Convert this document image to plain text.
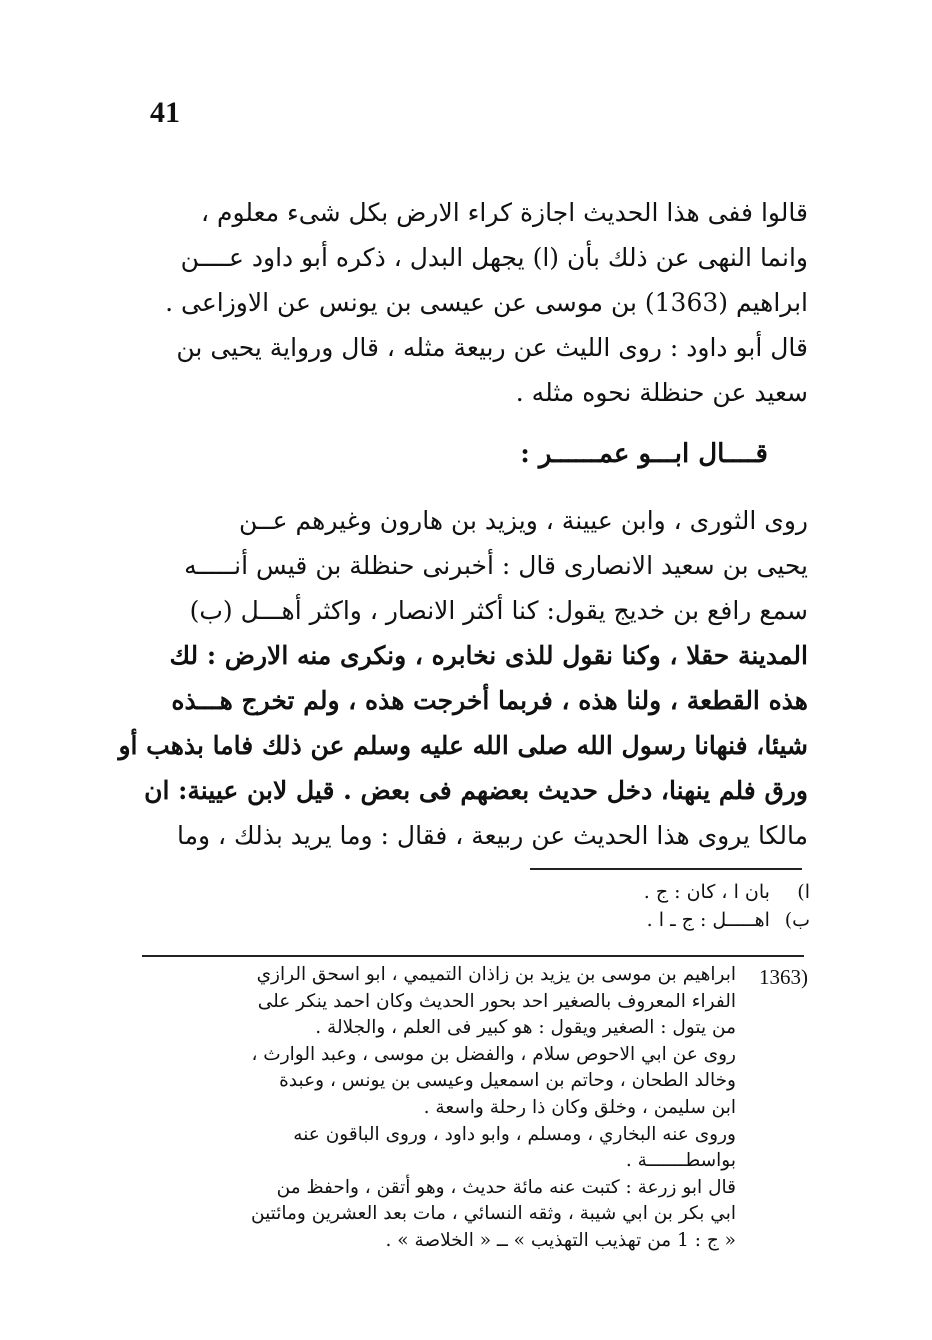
41
قالوا ففى هذا الحديث اجازة كراء الارض بكل شىء معلوم ،
وانما النهى عن ذلك بأن (ا) يجهل البدل ، ذكره أبو داود عــــن
ابراهيم (1363) بن موسى عن عيسى بن يونس عن الاوزاعى .
قال أبو داود : روى الليث عن ربيعة مثله ، قال ورواية يحيى بن
سعيد عن حنظلة نحوه مثله .
قــــال ابـــو عمــــــر :
روى الثورى ، وابن عيينة ، ويزيد بن هارون وغيرهم عــن
يحيى بن سعيد الانصارى قال : أخبرنى حنظلة بن قيس أنـــــه
سمع رافع بن خديج يقول: كنا أكثر الانصار ، واكثر أهـــل (ب)
المدينة حقلا ، وكنا نقول للذى نخابره ، ونكرى منه الارض : لك
هذه القطعة ، ولنا هذه ، فربما أخرجت هذه ، ولم تخرج هـــذه
شيئا، فنهانا رسول الله صلى الله عليه وسلم عن ذلك فاما بذهب أو
ورق فلم ينهنا، دخل حديث بعضهم فى بعض . قيل لابن عيينة: ان
مالكا يروى هذا الحديث عن ربيعة ، فقال : وما يريد بذلك ، وما
ا) بان ا ، كان : ج .
ب) اهـــــل : ج ـ ا .
(1363
ابراهيم بن موسى بن يزيد بن زاذان التميمي ، ابو اسحق الرازي
الفراء المعروف بالصغير احد بحور الحديث وكان احمد ينكر على
من يتول : الصغير ويقول : هو كبير فى العلم ، والجلالة .
روى عن ابي الاحوص سلام ، والفضل بن موسى ، وعبد الوارث ،
وخالد الطحان ، وحاتم بن اسمعيل وعيسى بن يونس ، وعبدة
ابن سليمن ، وخلق وكان ذا رحلة واسعة .
وروى عنه البخاري ، ومسلم ، وابو داود ، وروى الباقون عنه
بواسطـــــــة .
قال ابو زرعة : كتبت عنه مائة حديث ، وهو أتقن ، واحفظ من
ابي بكر بن ابي شيبة ، وثقه النسائي ، مات بعد العشرين ومائتين
« ج : 1 من تهذيب التهذيب » ــ « الخلاصة » .
